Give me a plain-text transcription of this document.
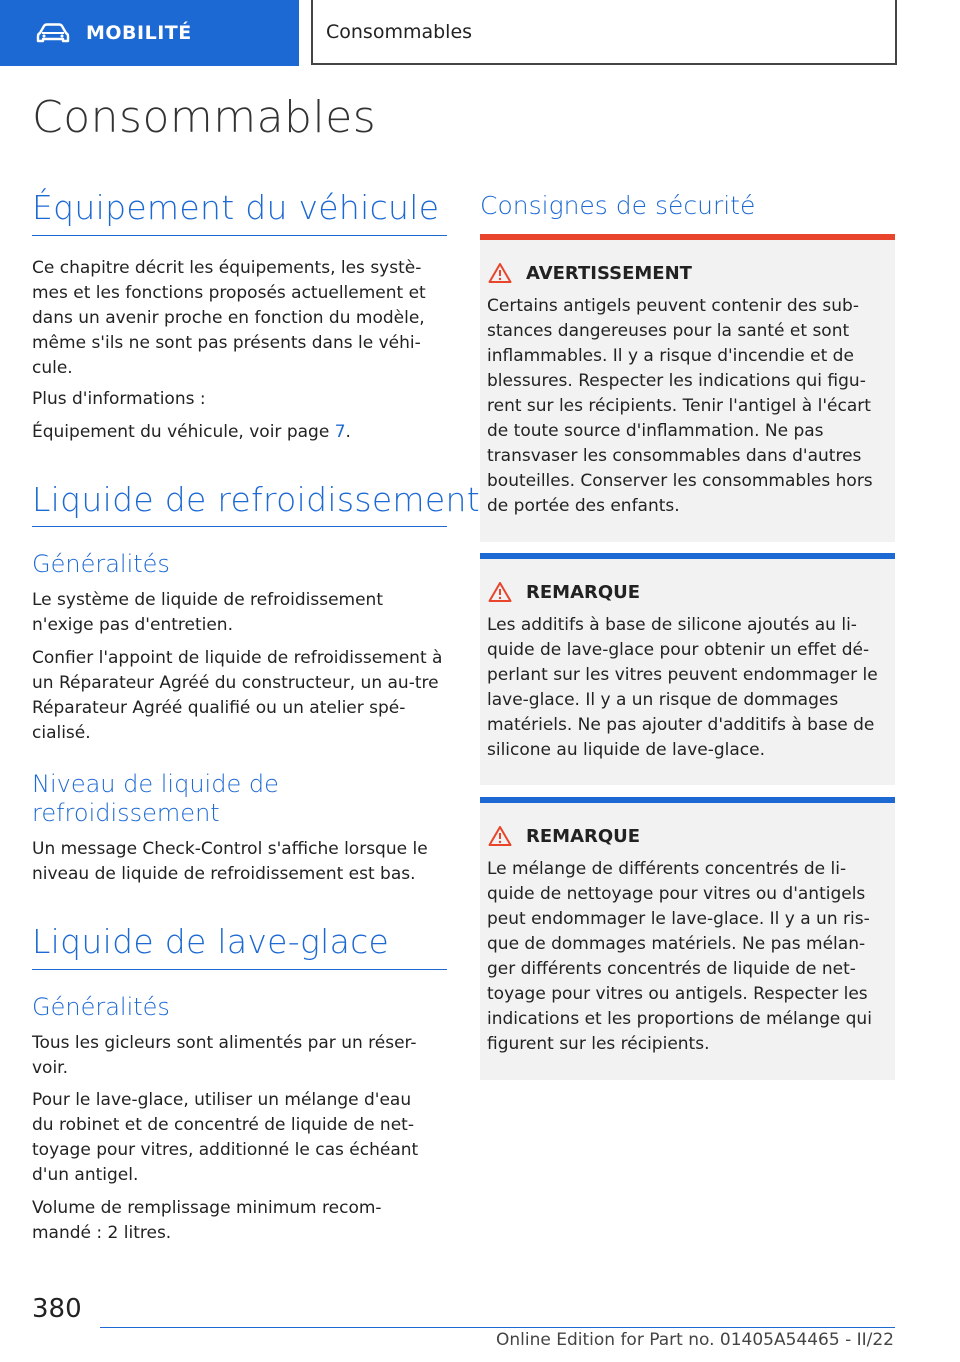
MOBILITÉ	Consommables
Consommables
Équipement du véhicule

Ce chapitre décrit les équipements, les systè-mes et les fonctions proposés actuellement et dans un avenir proche en fonction du modèle, même s'ils ne sont pas présents dans le véhi-cule.

Plus d'informations :

Équipement du véhicule, voir page 7.

Liquide de refroidissement
Généralités

Le système de liquide de refroidissement n'exige pas d'entretien.

Confier l'appoint de liquide de refroidissement à un Réparateur Agréé du constructeur, un au-tre Réparateur Agréé qualifié ou un atelier spé-cialisé.

Niveau de liquide de refroidissement

Un message Check-Control s'affiche lorsque le niveau de liquide de refroidissement est bas.

Liquide de lave-glace
Généralités

Tous les gicleurs sont alimentés par un réser-voir.

Pour le lave-glace, utiliser un mélange d'eau du robinet et de concentré de liquide de net-toyage pour vitres, additionné le cas échéant d'un antigel.

Volume de remplissage minimum recom-mandé : 2 litres.

Consignes de sécurité
AVERTISSEMENT
Certains antigels peuvent contenir des sub-stances dangereuses pour la santé et sont inflammables. Il y a risque d'incendie et de blessures. Respecter les indications qui figu-rent sur les récipients. Tenir l'antigel à l'écart de toute source d'inflammation. Ne pas transvaser les consommables dans d'autres bouteilles. Conserver les consommables hors de portée des enfants.
REMARQUE
Les additifs à base de silicone ajoutés au li-quide de lave-glace pour obtenir un effet dé-perlant sur les vitres peuvent endommager le lave-glace. Il y a un risque de dommages matériels. Ne pas ajouter d'additifs à base de silicone au liquide de lave-glace.
REMARQUE
Le mélange de différents concentrés de li-quide de nettoyage pour vitres ou d'antigels peut endommager le lave-glace. Il y a un ris-que de dommages matériels. Ne pas mélan-ger différents concentrés de liquide de net-toyage pour vitres ou antigels. Respecter les indications et les proportions de mélange qui figurent sur les récipients.
380
Online Edition for Part no. 01405A54465 - II/22
